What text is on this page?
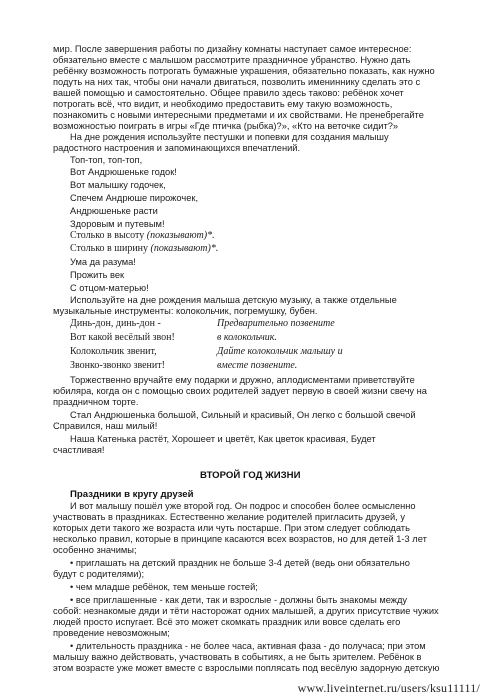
мир. После завершения работы по дизайну комнаты наступает самое интересное:

обязательно вместе с малышом рассмотрите праздничное убранство. Нужно дать

ребёнку возможность потрогать бумажные украшения, обязательно показать, как нужно

подуть на них так, чтобы они начали двигаться, позволить имениннику сделать это с

вашей помощью и самостоятельно. Общее правило здесь таково: ребёнок хочет

потрогать всё, что видит, и необходимо предоставить ему такую возможность,

познакомить с новыми интересными предметами и их свойствами. Не пренебрегайте

возможностью поиграть в игры «Где птичка (рыбка)?», «Кто на веточке сидит?»

На дне рождения используйте пестушки и попевки для создания малышу

радостного настроения и запоминающихся впечатлений.

Топ-топ, топ-топ,

Вот Андрюшеньке годок!

Вот малышку годочек,

Спечем Андрюше пирожочек,

Андрюшеньке расти

Здоровым и путевым!

Столько в высоту (показывают)*.

Столько в ширину (показывают)*.

Ума да разума!

Прожить век

С отцом-матерью!

Используйте на дне рождения малыша детскую музыку, а также отдельные

музыкальные инструменты: колокольчик, погремушку, бубен.

Динь-дон, динь-дон -	Предварительно позвените

Вот какой весёлый звон!	в колокольчик.

Колокольчик звенит,	Дайте колокольчик малышу и

Звонко-звонко звенит!	вместе позвените.

Торжественно вручайте ему подарки и дружно, аплодисментами приветствуйте

юбиляра, когда он с помощью своих родителей задует первую в своей жизни свечу на

праздничном торте.

Стал Андрюшенька большой, Сильный и красивый, Он легко с большой свечой

Справился, наш милый!

Наша Катенька растёт, Хорошеет и цветёт, Как цветок красивая, Будет

счастливая!

ВТОРОЙ ГОД ЖИЗНИ
Праздники в кругу друзей

И вот малышу пошёл уже второй год. Он подрос и способен более осмысленно

участвовать в праздниках. Естественно желание родителей пригласить друзей, у

которых дети такого же возраста или чуть постарше. При этом следует соблюдать

несколько правил, которые в принципе касаются всех возрастов, но для детей 1-3 лет

особенно значимы;

• приглашать на детский праздник не больше 3-4 детей (ведь они обязательно

будут с родителями);

• чем младше ребёнок, тем меньше гостей;

• все приглашенные - как дети, так и взрослые - должны быть знакомы между

собой: незнакомые дяди и тёти насторожат одних малышей, а других присутствие чужих

людей просто испугает. Всё это может скомкать праздник или вовсе сделать его

проведение невозможным;

• длительность праздника - не более часа, активная фаза - до получаса; при этом

малышу важно действовать, участвовать в событиях, а не быть зрителем. Ребёнок в

этом возрасте уже может вместе с взрослыми поплясать под весёлую задорную детскую

www.liveinternet.ru/users/ksu11111/
